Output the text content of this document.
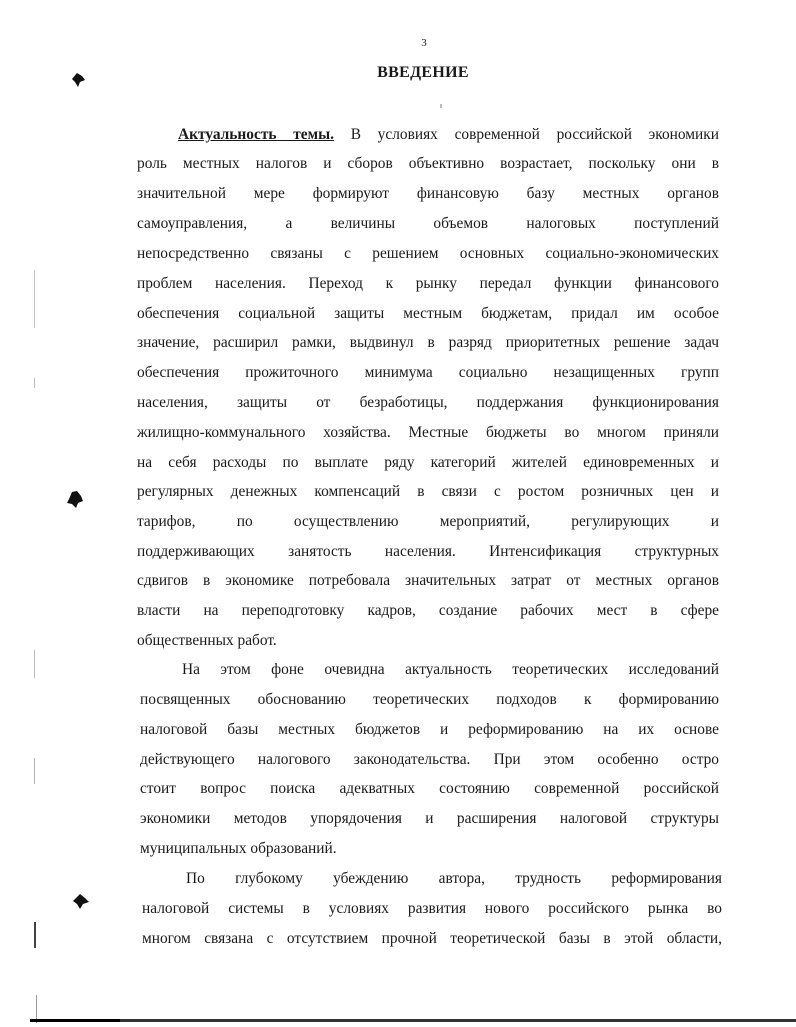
3
ВВЕДЕНИЕ
Актуальность темы. В условиях современной российской экономики
роль местных налогов и сборов объективно возрастает, поскольку они в
значительной мере формируют финансовую базу местных органов
самоуправления, а величины объемов налоговых поступлений
непосредственно связаны с решением основных социально-экономических
проблем населения. Переход к рынку передал функции финансового
обеспечения социальной защиты местным бюджетам, придал им особое
значение, расширил рамки, выдвинул в разряд приоритетных решение задач
обеспечения прожиточного минимума социально незащищенных групп
населения, защиты от безработицы, поддержания функционирования
жилищно-коммунального хозяйства. Местные бюджеты во многом приняли
на себя расходы по выплате ряду категорий жителей единовременных и
регулярных денежных компенсаций в связи с ростом розничных цен и
тарифов, по осуществлению мероприятий, регулирующих и
поддерживающих занятость населения. Интенсификация структурных
сдвигов в экономике потребовала значительных затрат от местных органов
власти на переподготовку кадров, создание рабочих мест в сфере
общественных работ.
На этом фоне очевидна актуальность теоретических исследований
посвященных обоснованию теоретических подходов к формированию
налоговой базы местных бюджетов и реформированию на их основе
действующего налогового законодательства. При этом особенно остро
стоит вопрос поиска адекватных состоянию современной российской
экономики методов упорядочения и расширения налоговой структуры
муниципальных образований.
По глубокому убеждению автора, трудность реформирования
налоговой системы в условиях развития нового российского рынка во
многом связана с отсутствием прочной теоретической базы в этой области,
